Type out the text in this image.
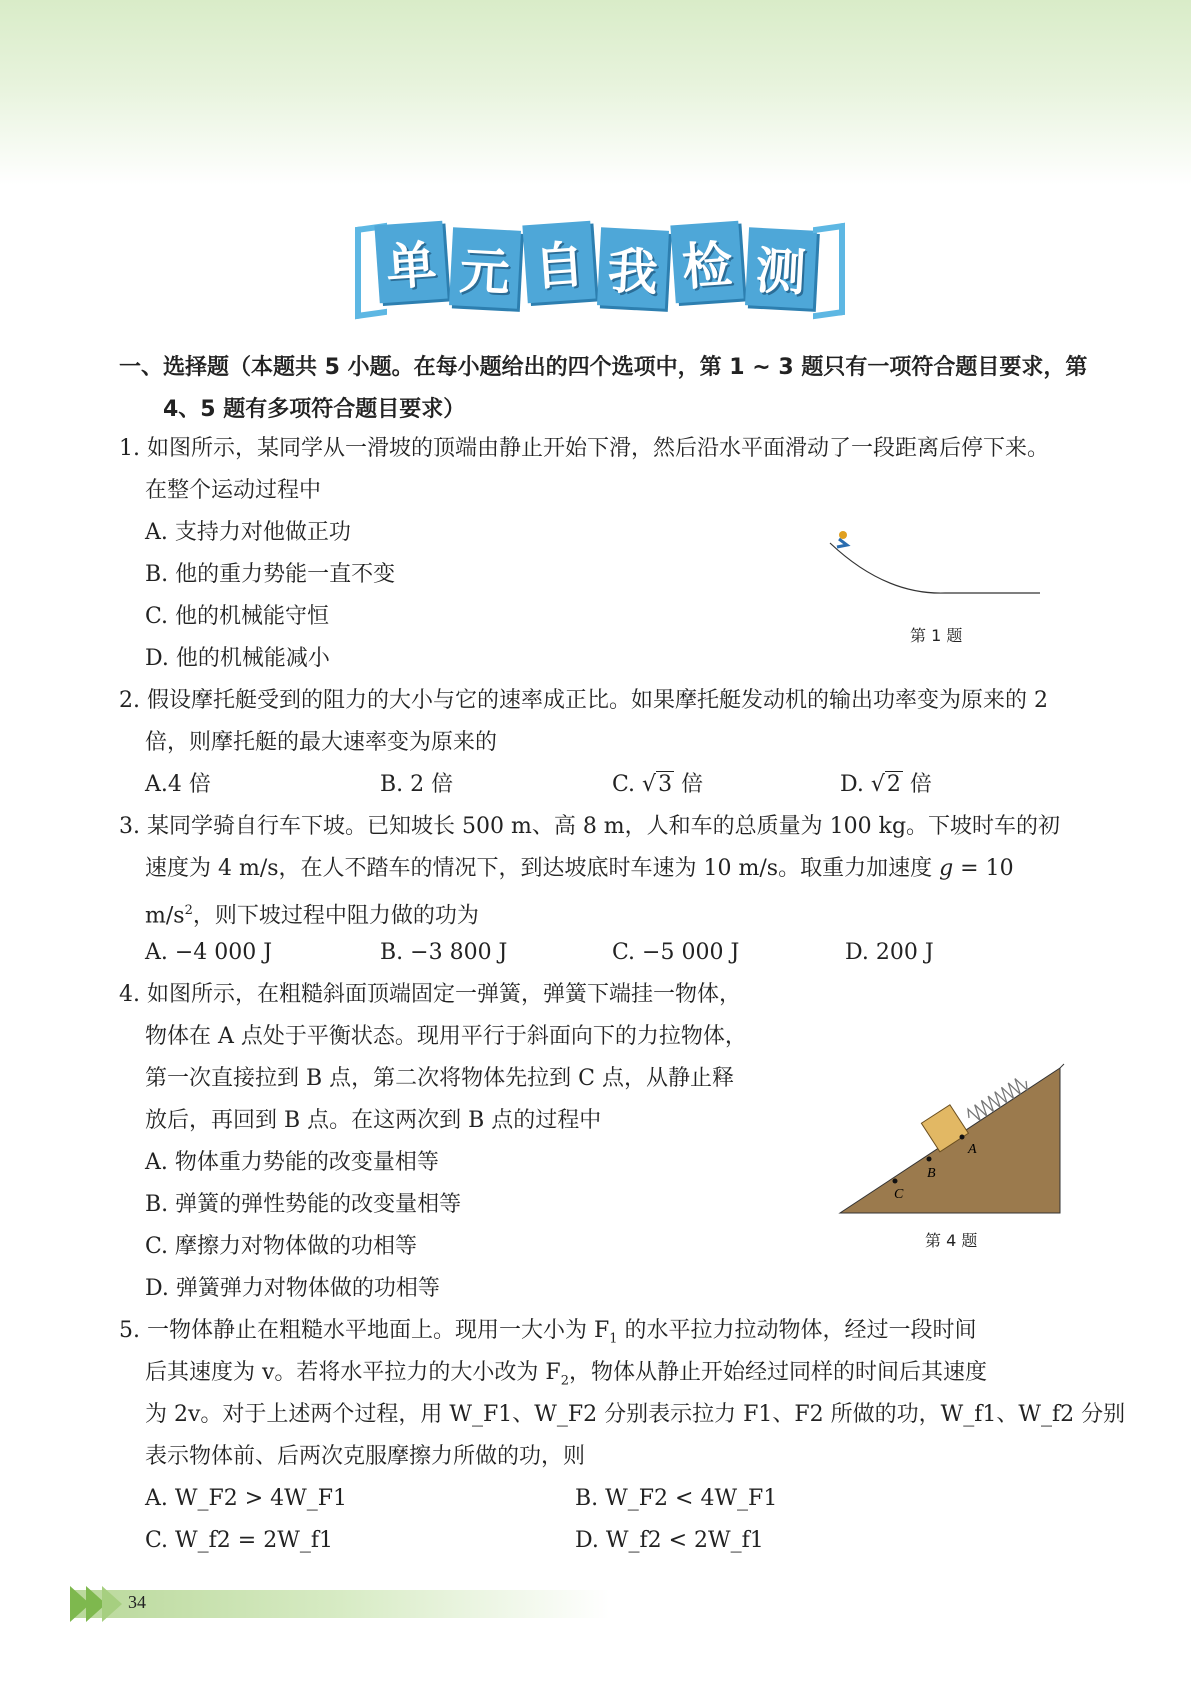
单 元 自 我 检 测
一、选择题（本题共 5 小题。在每小题给出的四个选项中，第 1 ~ 3 题只有一项符合题目要求，第 4、5 题有多项符合题目要求）
1. 如图所示，某同学从一滑坡的顶端由静止开始下滑，然后沿水平面滑动了一段距离后停下来。在整个运动过程中
A. 支持力对他做正功
B. 他的重力势能一直不变
C. 他的机械能守恒
D. 他的机械能减小
第 1 题
2. 假设摩托艇受到的阻力的大小与它的速率成正比。如果摩托艇发动机的输出功率变为原来的 2 倍，则摩托艇的最大速率变为原来的
A.4 倍	B. 2 倍	C. √3 倍	D. √2 倍
3. 某同学骑自行车下坡。已知坡长 500 m、高 8 m，人和车的总质量为 100 kg。下坡时车的初速度为 4 m/s，在人不踏车的情况下，到达坡底时车速为 10 m/s。取重力加速度 g = 10 $m/s^2$，则下坡过程中阻力做的功为
A. −4 000 J	B. −3 800 J	C. −5 000 J	D. 200 J
4. 如图所示，在粗糙斜面顶端固定一弹簧，弹簧下端挂一物体，
物体在 A 点处于平衡状态。现用平行于斜面向下的力拉物体，
第一次直接拉到 B 点，第二次将物体先拉到 C 点，从静止释
放后，再回到 B 点。在这两次到 B 点的过程中
A. 物体重力势能的改变量相等
B. 弹簧的弹性势能的改变量相等
C. 摩擦力对物体做的功相等
D. 弹簧弹力对物体做的功相等
A
B
C
第 4 题
5. 一物体静止在粗糙水平地面上。现用一大小为 $F_1$ 的水平拉力拉动物体，经过一段时间
后其速度为 v。若将水平拉力的大小改为 $F_2$，物体从静止开始经过同样的时间后其速度
为 2v。对于上述两个过程，用 W_F1、W_F2 分别表示拉力 F1、F2 所做的功，W_f1、W_f2 分别
表示物体前、后两次克服摩擦力所做的功，则
A. W_F2 > 4W_F1	B. W_F2 < 4W_F1
C. W_f2 = 2W_f1	D. W_f2 < 2W_f1
34
